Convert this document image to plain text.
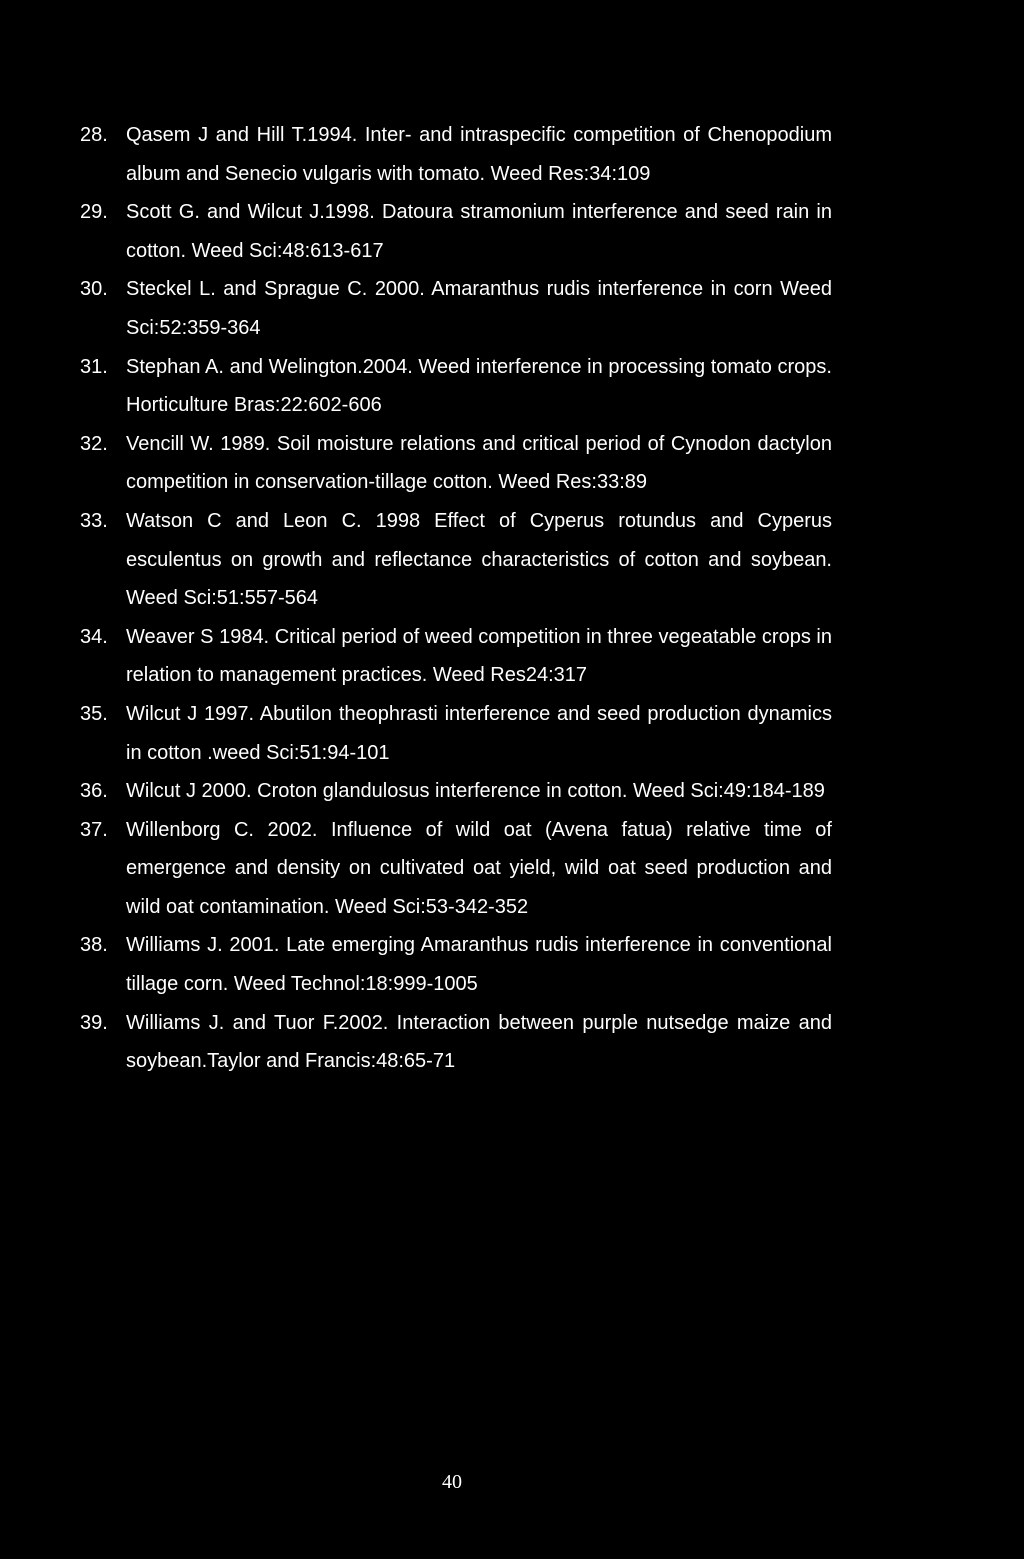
28. Qasem J and Hill T.1994. Inter- and intraspecific competition of Chenopodium album and Senecio vulgaris with tomato. Weed Res:34:109
29. Scott G. and Wilcut J.1998. Datoura stramonium interference and seed rain in cotton. Weed Sci:48:613-617
30. Steckel L. and Sprague C. 2000. Amaranthus rudis interference in corn Weed Sci:52:359-364
31. Stephan A. and Welington.2004. Weed interference in processing tomato crops. Horticulture Bras:22:602-606
32. Vencill W. 1989. Soil moisture relations and critical period of Cynodon dactylon competition in conservation-tillage cotton. Weed Res:33:89
33. Watson C and Leon C. 1998 Effect of Cyperus rotundus and Cyperus esculentus on growth and reflectance characteristics of cotton and soybean. Weed Sci:51:557-564
34. Weaver S 1984. Critical period of weed competition in three vegeatable crops in relation to management practices. Weed Res24:317
35. Wilcut J 1997. Abutilon theophrasti interference and seed production dynamics in cotton .weed Sci:51:94-101
36. Wilcut J 2000. Croton glandulosus interference in cotton. Weed Sci:49:184-189
37. Willenborg C. 2002. Influence of wild oat (Avena fatua) relative time of emergence and density on cultivated oat yield, wild oat seed production and wild oat contamination. Weed Sci:53-342-352
38. Williams J. 2001. Late emerging Amaranthus rudis interference in conventional tillage corn. Weed Technol:18:999-1005
39. Williams J. and Tuor F.2002. Interaction between purple nutsedge maize and soybean.Taylor and Francis:48:65-71
40
